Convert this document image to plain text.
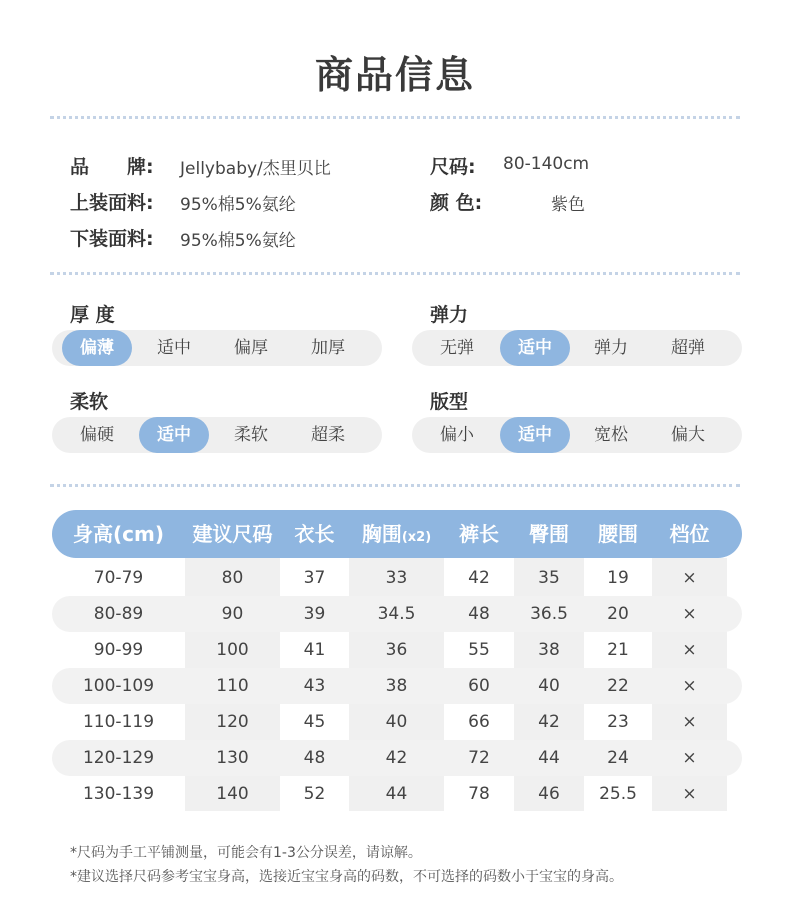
商品信息
品　　牌: Jellybaby/杰里贝比	尺码: 80-140cm
上装面料: 95%棉5%氨纶	颜 色:	紫色
下装面料: 95%棉5%氨纶
厚 度
偏薄	适中	偏厚	加厚
弹力
无弹	适中	弹力	超弹
柔软
偏硬	适中	柔软	超柔
版型
偏小	适中	宽松	偏大
身高(cm)	建议尺码	衣长	胸围(x2)	裤长	臀围	腰围	档位
70-79	80	37	33	42	35	19	×
80-89	90	39	34.5	48	36.5	20	×
90-99	100	41	36	55	38	21	×
100-109	110	43	38	60	40	22	×
110-119	120	45	40	66	42	23	×
120-129	130	48	42	72	44	24	×
130-139	140	52	44	78	46	25.5	×
*尺码为手工平铺测量，可能会有1-3公分误差，请谅解。
*建议选择尺码参考宝宝身高，选接近宝宝身高的码数，不可选择的码数小于宝宝的身高。
